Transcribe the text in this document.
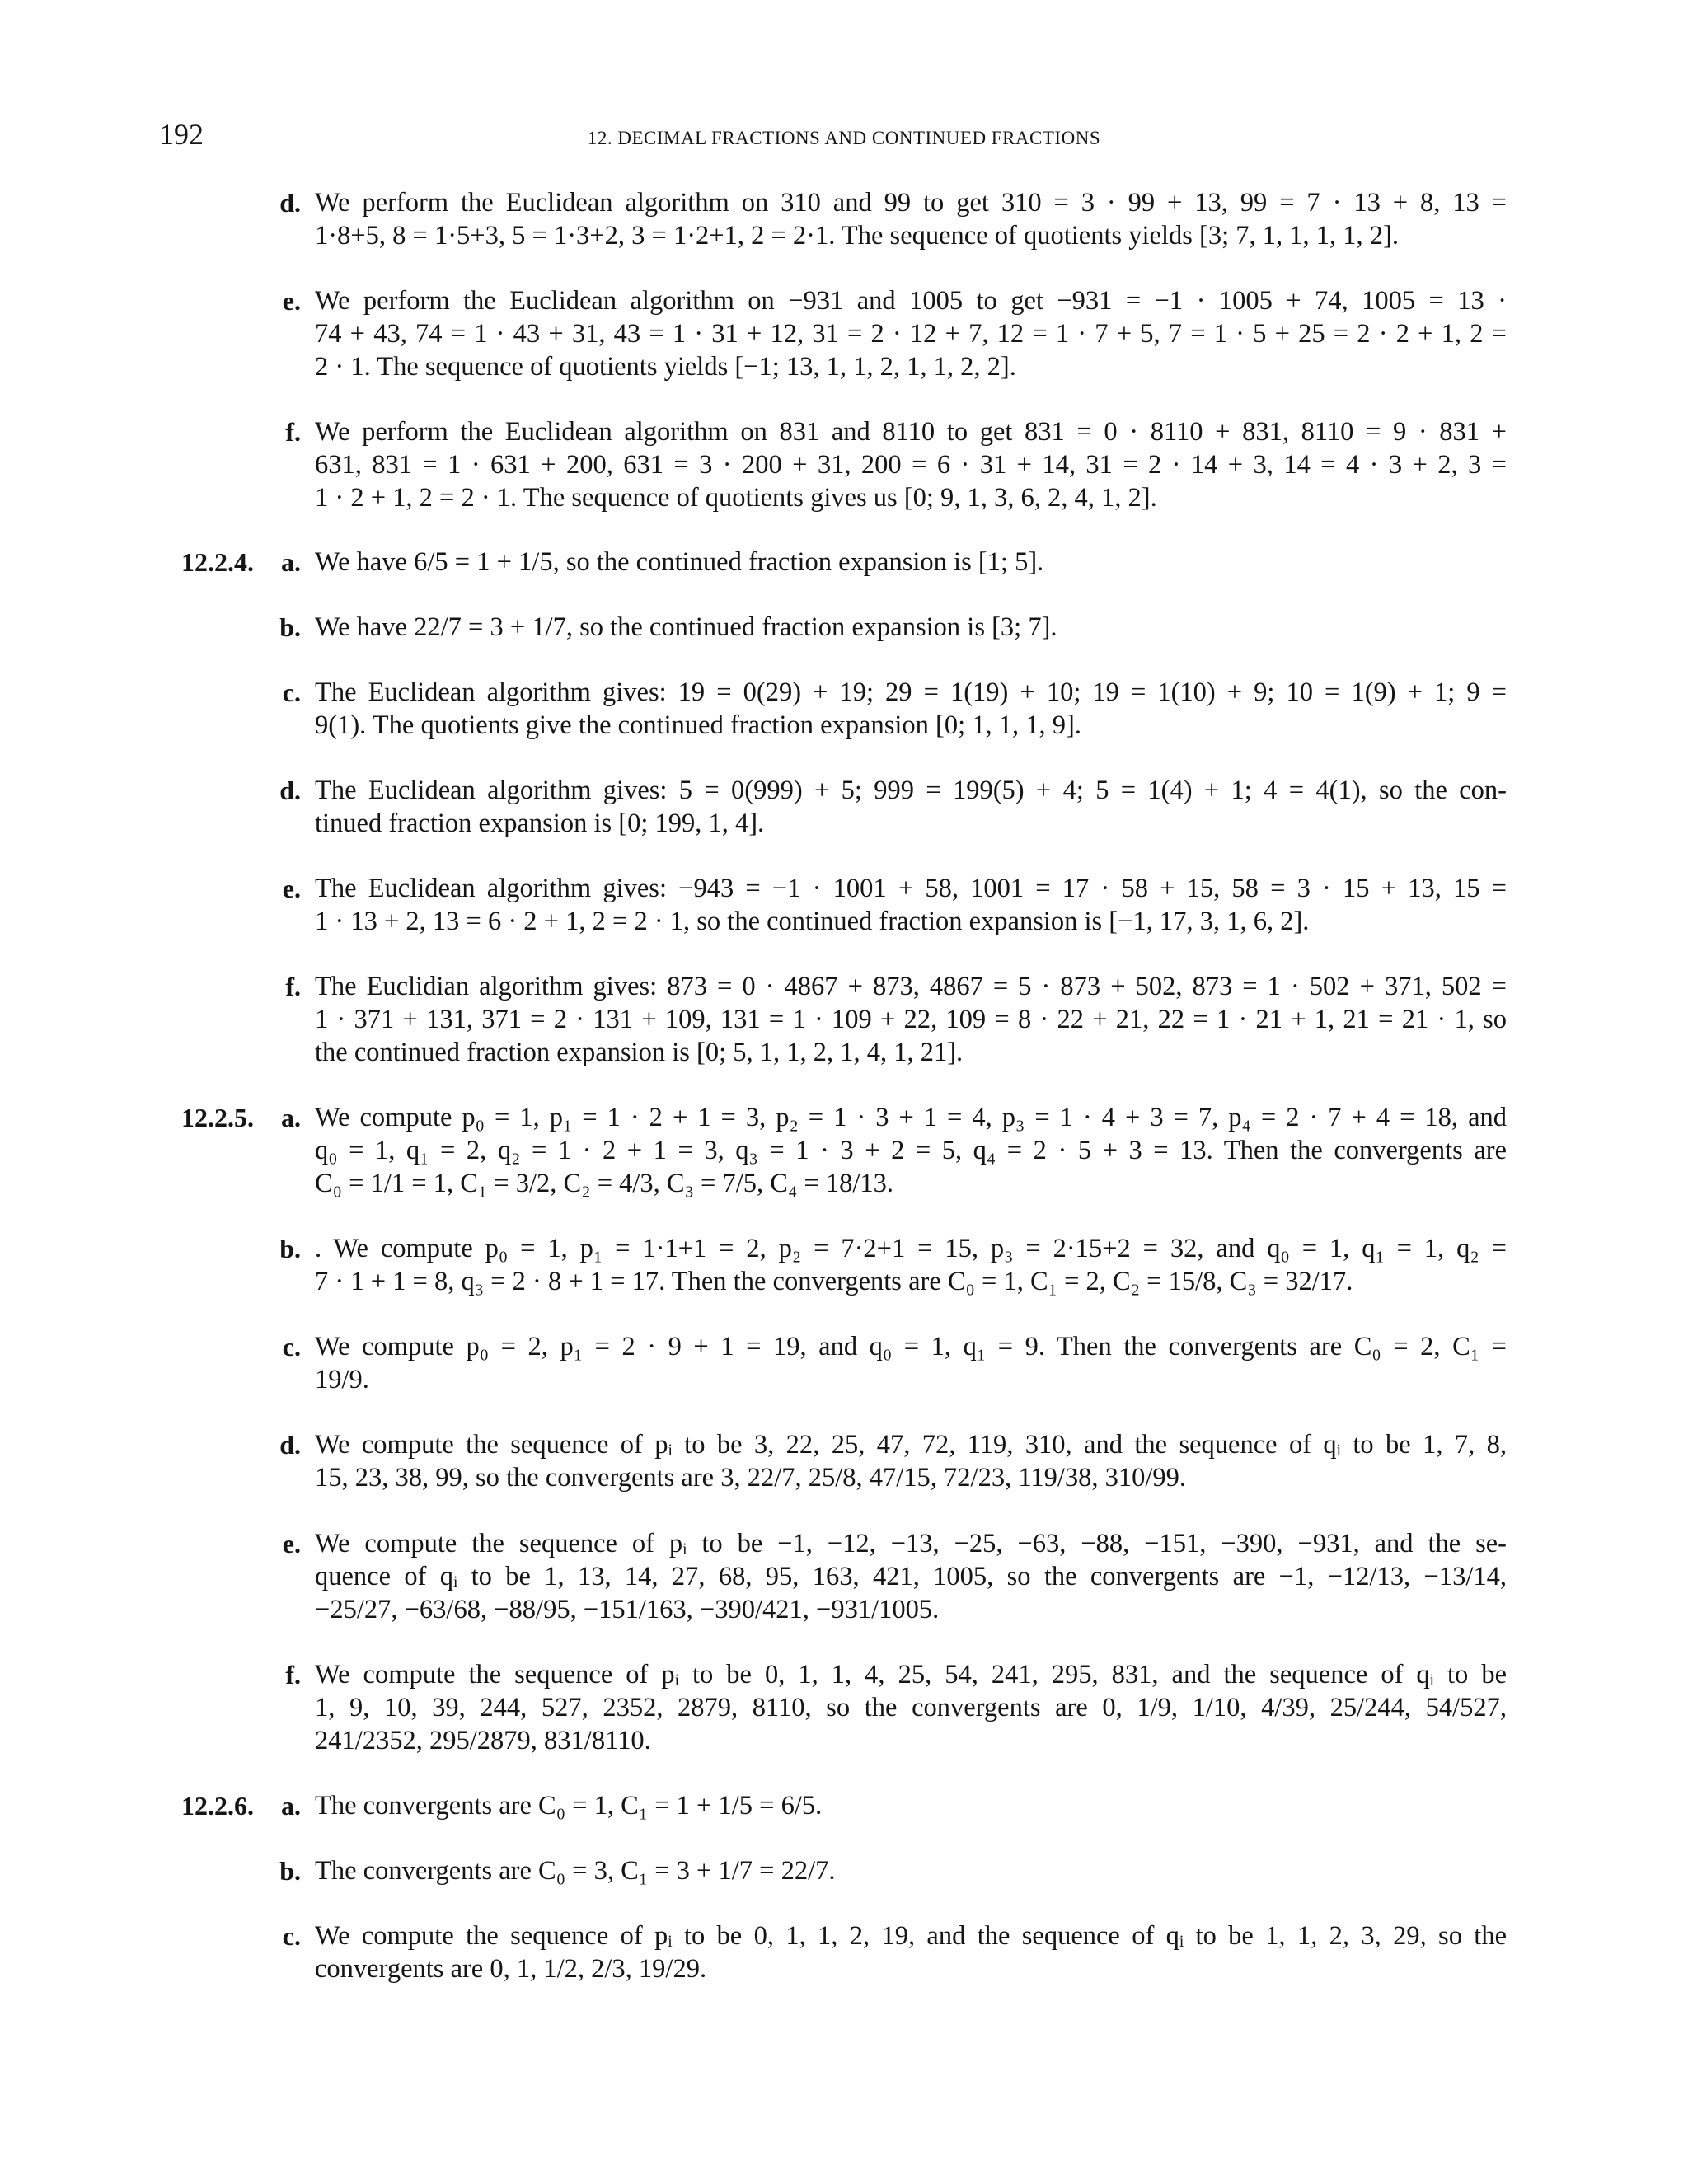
192	12. DECIMAL FRACTIONS AND CONTINUED FRACTIONS
d. We perform the Euclidean algorithm on 310 and 99 to get 310 = 3 · 99 + 13, 99 = 7 · 13 + 8, 13 =
1·8+5, 8 = 1·5+3, 5 = 1·3+2, 3 = 1·2+1, 2 = 2·1. The sequence of quotients yields [3; 7, 1, 1, 1, 1, 2].
e. We perform the Euclidean algorithm on −931 and 1005 to get −931 = −1 · 1005 + 74, 1005 = 13 ·
74 + 43, 74 = 1 · 43 + 31, 43 = 1 · 31 + 12, 31 = 2 · 12 + 7, 12 = 1 · 7 + 5, 7 = 1 · 5 + 25 = 2 · 2 + 1, 2 =
2 · 1. The sequence of quotients yields [−1; 13, 1, 1, 2, 1, 1, 2, 2].
f. We perform the Euclidean algorithm on 831 and 8110 to get 831 = 0 · 8110 + 831, 8110 = 9 · 831 +
631, 831 = 1 · 631 + 200, 631 = 3 · 200 + 31, 200 = 6 · 31 + 14, 31 = 2 · 14 + 3, 14 = 4 · 3 + 2, 3 =
1 · 2 + 1, 2 = 2 · 1. The sequence of quotients gives us [0; 9, 1, 3, 6, 2, 4, 1, 2].
12.2.4.	a. We have 6/5 = 1 + 1/5, so the continued fraction expansion is [1; 5].
b. We have 22/7 = 3 + 1/7, so the continued fraction expansion is [3; 7].
c. The Euclidean algorithm gives: 19 = 0(29) + 19; 29 = 1(19) + 10; 19 = 1(10) + 9; 10 = 1(9) + 1; 9 =
9(1). The quotients give the continued fraction expansion [0; 1, 1, 1, 9].
d. The Euclidean algorithm gives: 5 = 0(999) + 5; 999 = 199(5) + 4; 5 = 1(4) + 1; 4 = 4(1), so the con-
tinued fraction expansion is [0; 199, 1, 4].
e. The Euclidean algorithm gives: −943 = −1 · 1001 + 58, 1001 = 17 · 58 + 15, 58 = 3 · 15 + 13, 15 =
1 · 13 + 2, 13 = 6 · 2 + 1, 2 = 2 · 1, so the continued fraction expansion is [−1, 17, 3, 1, 6, 2].
f. The Euclidian algorithm gives: 873 = 0 · 4867 + 873, 4867 = 5 · 873 + 502, 873 = 1 · 502 + 371, 502 =
1 · 371 + 131, 371 = 2 · 131 + 109, 131 = 1 · 109 + 22, 109 = 8 · 22 + 21, 22 = 1 · 21 + 1, 21 = 21 · 1, so
the continued fraction expansion is [0; 5, 1, 1, 2, 1, 4, 1, 21].
12.2.5.	a. We compute p₀ = 1, p₁ = 1 · 2 + 1 = 3, p₂ = 1 · 3 + 1 = 4, p₃ = 1 · 4 + 3 = 7, p₄ = 2 · 7 + 4 = 18, and
q₀ = 1, q₁ = 2, q₂ = 1 · 2 + 1 = 3, q₃ = 1 · 3 + 2 = 5, q₄ = 2 · 5 + 3 = 13. Then the convergents are
C₀ = 1/1 = 1, C₁ = 3/2, C₂ = 4/3, C₃ = 7/5, C₄ = 18/13.
b. . We compute p₀ = 1, p₁ = 1·1+1 = 2, p₂ = 7·2+1 = 15, p₃ = 2·15+2 = 32, and q₀ = 1, q₁ = 1, q₂ =
7 · 1 + 1 = 8, q₃ = 2 · 8 + 1 = 17. Then the convergents are C₀ = 1, C₁ = 2, C₂ = 15/8, C₃ = 32/17.
c. We compute p₀ = 2, p₁ = 2 · 9 + 1 = 19, and q₀ = 1, q₁ = 9. Then the convergents are C₀ = 2, C₁ =
19/9.
d. We compute the sequence of pᵢ to be 3, 22, 25, 47, 72, 119, 310, and the sequence of qᵢ to be 1, 7, 8,
15, 23, 38, 99, so the convergents are 3, 22/7, 25/8, 47/15, 72/23, 119/38, 310/99.
e. We compute the sequence of pᵢ to be −1, −12, −13, −25, −63, −88, −151, −390, −931, and the se-
quence of qᵢ to be 1, 13, 14, 27, 68, 95, 163, 421, 1005, so the convergents are −1, −12/13, −13/14,
−25/27, −63/68, −88/95, −151/163, −390/421, −931/1005.
f. We compute the sequence of pᵢ to be 0, 1, 1, 4, 25, 54, 241, 295, 831, and the sequence of qᵢ to be
1, 9, 10, 39, 244, 527, 2352, 2879, 8110, so the convergents are 0, 1/9, 1/10, 4/39, 25/244, 54/527,
241/2352, 295/2879, 831/8110.
12.2.6.	a. The convergents are C₀ = 1, C₁ = 1 + 1/5 = 6/5.
b. The convergents are C₀ = 3, C₁ = 3 + 1/7 = 22/7.
c. We compute the sequence of pᵢ to be 0, 1, 1, 2, 19, and the sequence of qᵢ to be 1, 1, 2, 3, 29, so the
convergents are 0, 1, 1/2, 2/3, 19/29.
